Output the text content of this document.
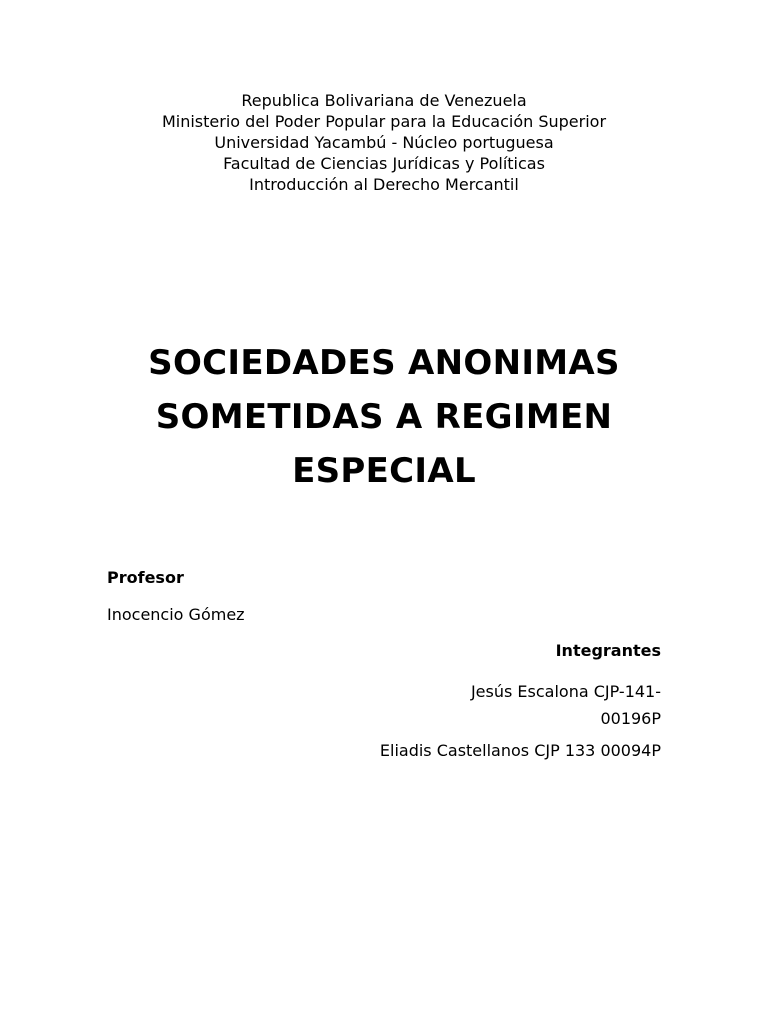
Republica Bolivariana de Venezuela
Ministerio del Poder Popular para la Educación Superior
Universidad Yacambú - Núcleo portuguesa
Facultad de Ciencias Jurídicas y Políticas
Introducción al Derecho Mercantil
SOCIEDADES ANONIMAS
SOMETIDAS A REGIMEN
ESPECIAL
Profesor
Inocencio Gómez
Integrantes
Jesús Escalona CJP-141-
00196P
Eliadis Castellanos CJP 133 00094P
